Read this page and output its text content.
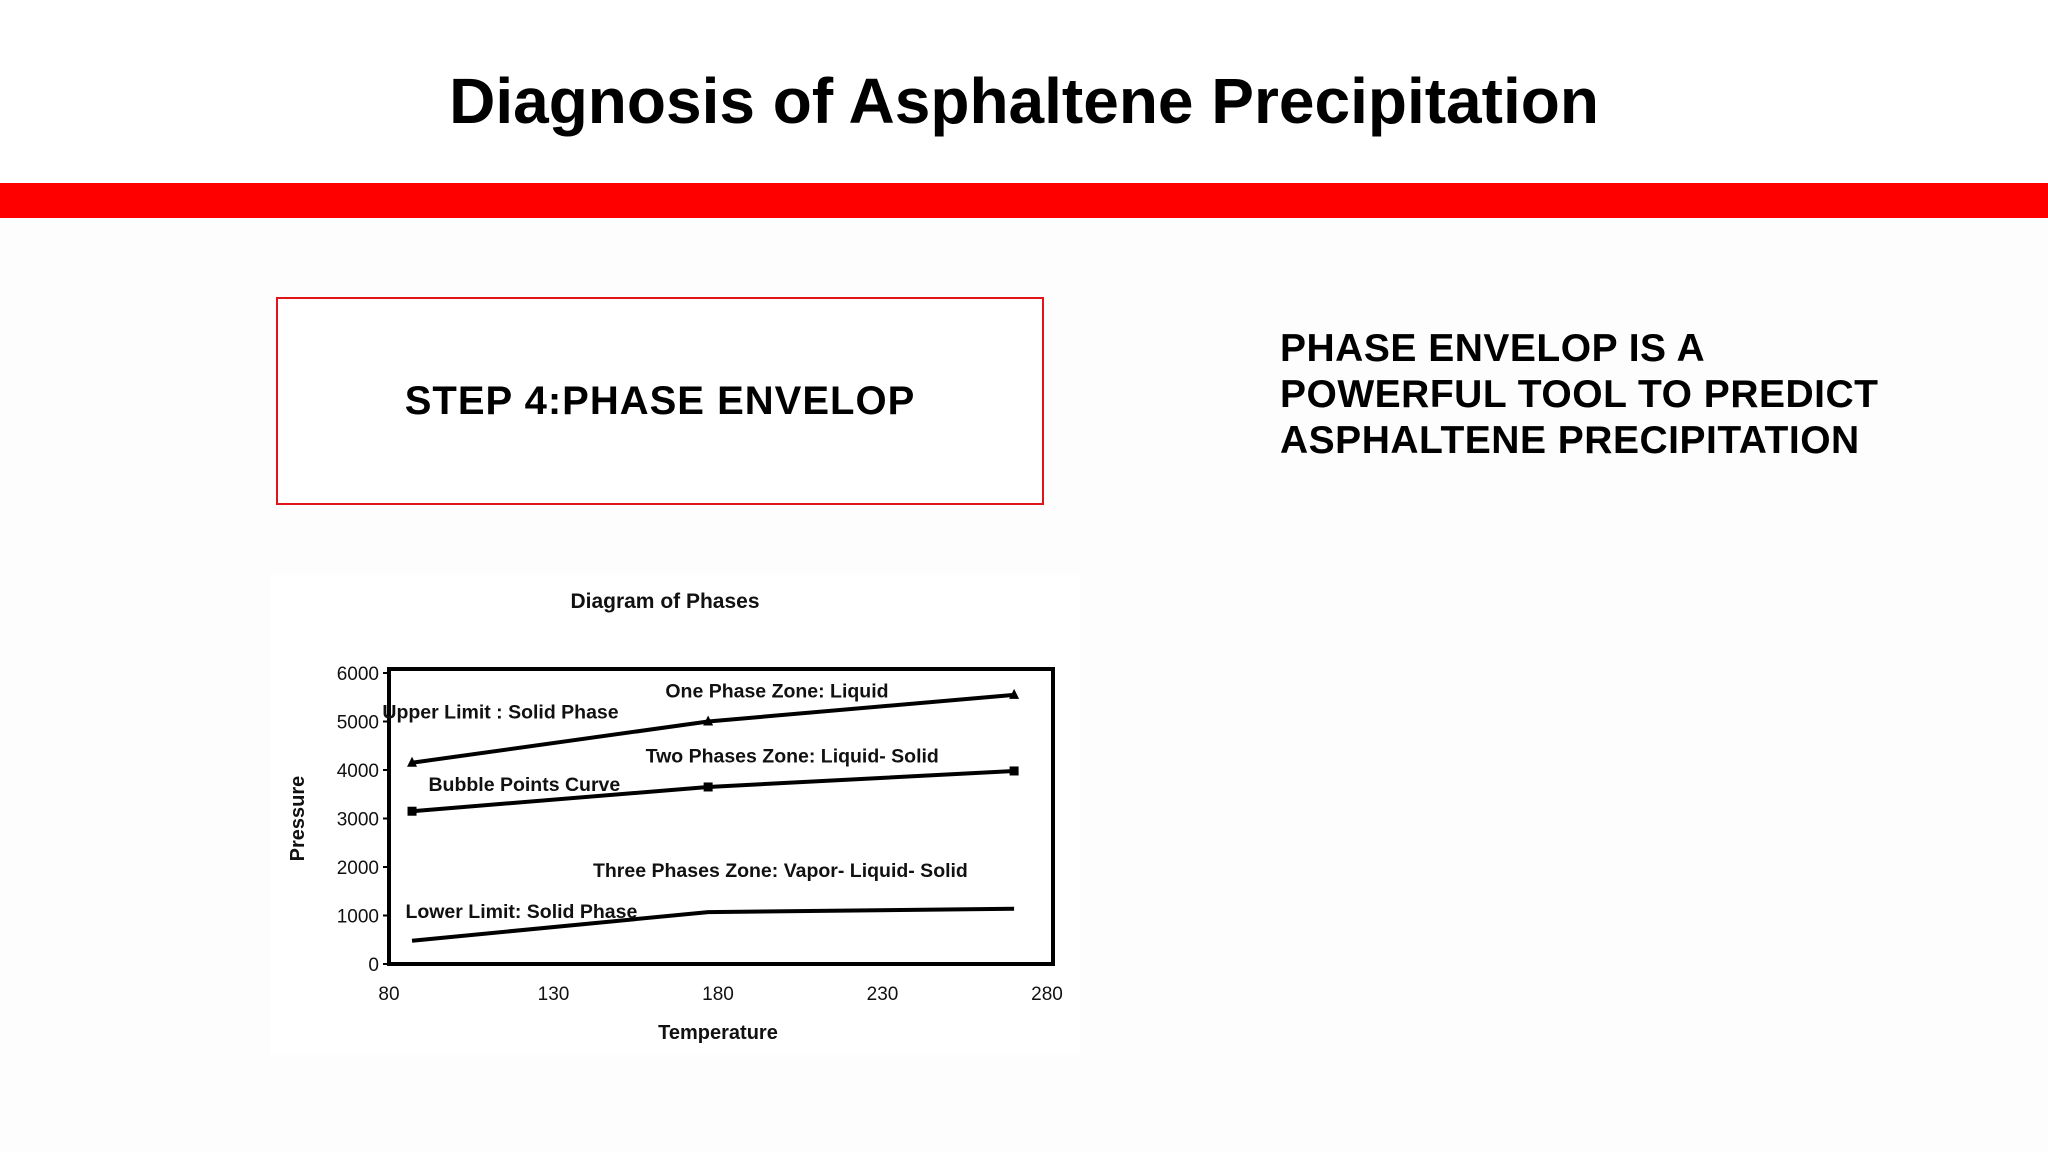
Diagnosis of Asphaltene Precipitation
STEP 4:PHASE ENVELOP
PHASE ENVELOP IS A
POWERFUL TOOL TO PREDICT
ASPHALTENE PRECIPITATION
Diagram of Phases
0
1000
2000
3000
4000
5000
6000
80	130	180	230	280
Temperature
Pressure
One Phase Zone: Liquid
Upper Limit : Solid Phase
Two Phases Zone: Liquid- Solid
Bubble Points Curve
Three Phases Zone: Vapor- Liquid- Solid
Lower Limit: Solid Phase
